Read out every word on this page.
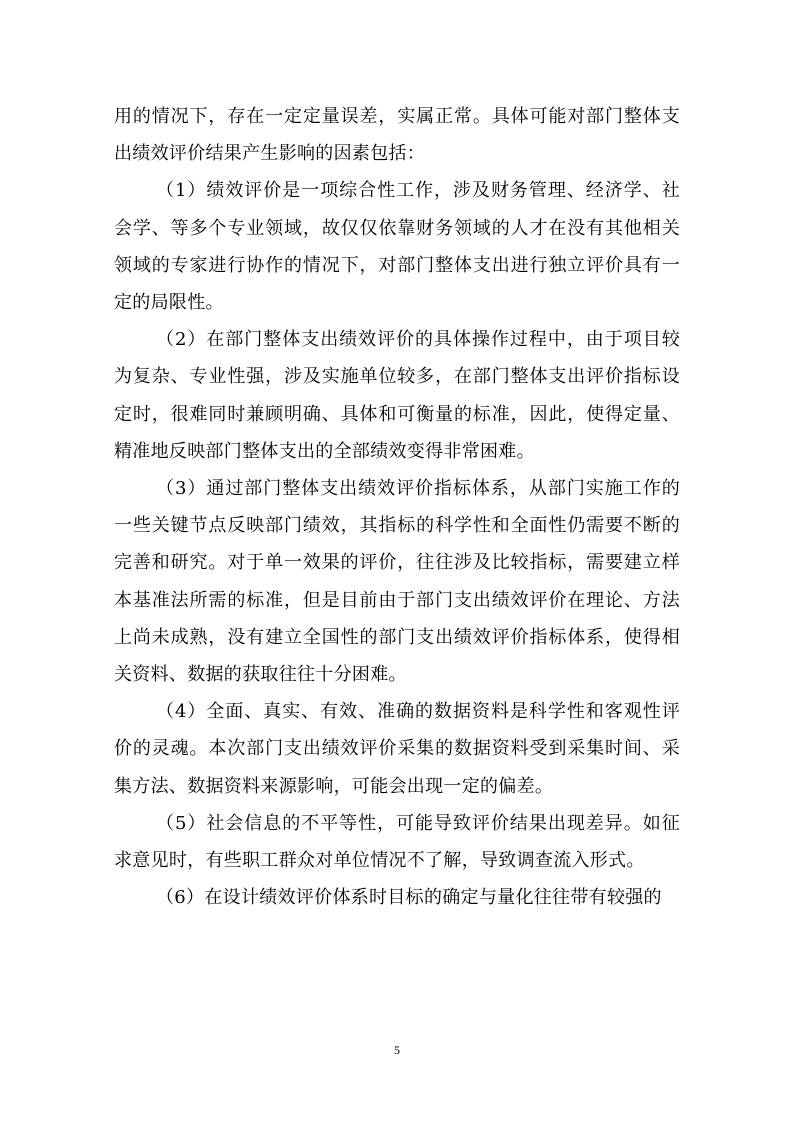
用的情况下，存在一定定量误差，实属正常。具体可能对部门整体支出绩效评价结果产生影响的因素包括：

（1）绩效评价是一项综合性工作，涉及财务管理、经济学、社会学、等多个专业领域，故仅仅依靠财务领域的人才在没有其他相关领域的专家进行协作的情况下，对部门整体支出进行独立评价具有一定的局限性。

（2）在部门整体支出绩效评价的具体操作过程中，由于项目较为复杂、专业性强，涉及实施单位较多，在部门整体支出评价指标设定时，很难同时兼顾明确、具体和可衡量的标准，因此，使得定量、精准地反映部门整体支出的全部绩效变得非常困难。

（3）通过部门整体支出绩效评价指标体系，从部门实施工作的一些关键节点反映部门绩效，其指标的科学性和全面性仍需要不断的完善和研究。对于单一效果的评价，往往涉及比较指标，需要建立样本基准法所需的标准，但是目前由于部门支出绩效评价在理论、方法上尚未成熟，没有建立全国性的部门支出绩效评价指标体系，使得相关资料、数据的获取往往十分困难。

（4）全面、真实、有效、准确的数据资料是科学性和客观性评价的灵魂。本次部门支出绩效评价采集的数据资料受到采集时间、采集方法、数据资料来源影响，可能会出现一定的偏差。

（5）社会信息的不平等性，可能导致评价结果出现差异。如征求意见时，有些职工群众对单位情况不了解，导致调查流入形式。

（6）在设计绩效评价体系时目标的确定与量化往往带有较强的

5
